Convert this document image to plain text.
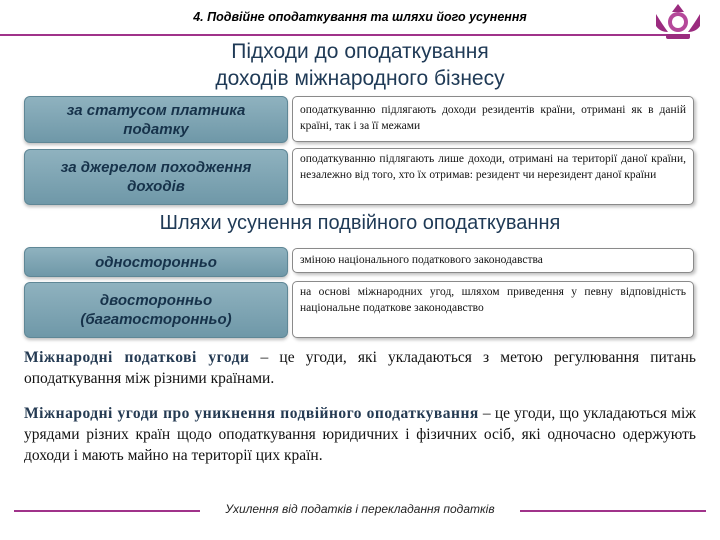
4. Подвійне оподаткування та шляхи його усунення
Підходи до оподаткування
доходів міжнародного бізнесу
за статусом платника податку
оподаткуванню підлягають доходи резидентів країни, отримані як в даній країні, так і за її межами
за джерелом походження доходів
оподаткуванню підлягають лише доходи, отримані на території даної країни, незалежно від того, хто їх отримав: резидент чи нерезидент даної країни
Шляхи усунення подвійного оподаткування
односторонньо	зміною національного податкового законодавства
двосторонньо (багатосторонньо)
на основі міжнародних угод, шляхом приведення у певну відповідність національне податкове законодавство
Міжнародні податкові угоди – це угоди, які укладаються з метою регулювання питань оподаткування між різними країнами.
Міжнародні угоди про уникнення подвійного оподаткування – це угоди, що укладаються між урядами різних країн щодо оподаткування юридичних і фізичних осіб, які одночасно одержують доходи і мають майно на території цих країн.
Ухилення від податків і перекладання податків
